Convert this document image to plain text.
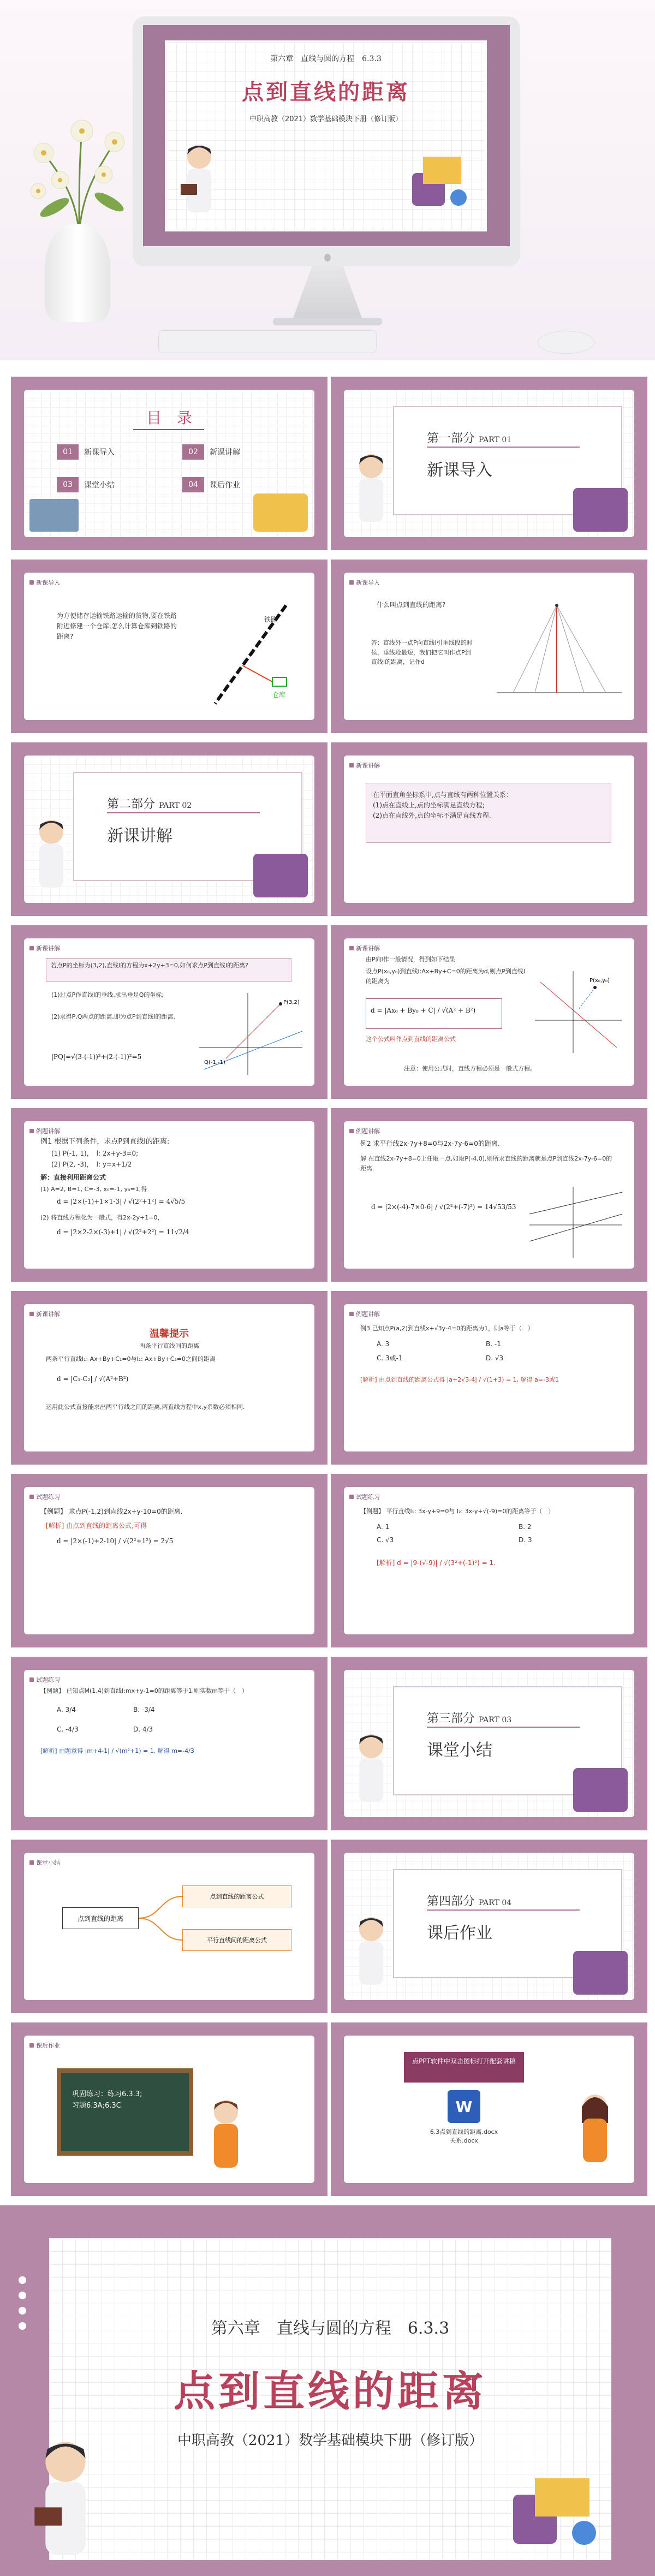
第六章　直线与圆的方程　6.3.3
点到直线的距离
中职高教（2021）数学基础模块下册（修订版）
目　录
01	新课导入	02	新课讲解
03	课堂小结	04	课后作业
第一部分 PART 01
新课导入
新课导入
为方便储存运输铁路运输的货物,要在铁路附近修建一个仓库,怎么计算仓库到铁路的距离?
铁路
仓库
新课导入
什么叫点到直线的距离?
答：直线外一点P向直线l引垂线段的时候，垂线段最短，我们把它叫作点P到直线l的距离，记作d
第二部分 PART 02
新课讲解
新课讲解
在平面直角坐标系中,点与直线有两种位置关系：
(1)点在直线上,点的坐标满足直线方程;
(2)点在直线外,点的坐标不满足直线方程.
新课讲解
若点P的坐标为(3,2),直线l的方程为x+2y+3=0,如何求点P到直线l的距离?
(1)过点P作直线l的垂线,求出垂足Q的坐标;
(2)求得P,Q两点的距离,即为点P到直线l的距离.
|PQ|=√(3-(-1))²+(2-(-1))²=5
P(3,2)
Q(-1,-1)
新课讲解
由P向l作一般情况，得到如下结果
设点P(x₀,y₀)到直线l:Ax+By+C=0的距离为d,则点P到直线l的距离为
d = |Ax₀ + By₀ + C| / √(A² + B²)
这个公式叫作点到直线的距离公式
注意：使用公式时，直线方程必须是一般式方程。
P(x₀,y₀)
例题讲解
例1 根据下列条件，求点P到直线l的距离:
(1) P(-1, 1)，　l: 2x+y-3=0;
(2) P(2, -3)，　l: y=x+1/2
解：直接利用距离公式
(1) A=2, B=1, C=-3, x₀=-1, y₀=1,得
d = |2×(-1)+1×1-3| / √(2²+1²) = 4√5/5
(2) 将直线方程化为一般式，得2x-2y+1=0，
d = |2×2-2×(-3)+1| / √(2²+2²) = 11√2/4
例题讲解
例2 求平行线2x-7y+8=0与2x-7y-6=0的距离.
解 在直线2x-7y+8=0上任取一点,如取P(-4,0),则所求直线的距离就是点P到直线2x-7y-6=0的距离.
d = |2×(-4)-7×0-6| / √(2²+(-7)²) = 14√53/53
新课讲解
温馨提示
两条平行直线间的距离
两条平行直线l₁: Ax+By+C₁=0与l₂: Ax+By+C₂=0之间的距离
d = |C₁-C₂| / √(A²+B²)
运用此公式直接能求出两平行线之间的距离,两直线方程中x,y系数必须相同.
例题讲解
例3 已知点P(a,2)到直线x+√3y-4=0的距离为1，则a等于（　）
A. 3	B. -1
C. 3或-1	D. √3
[解析] 由点到直线的距离公式得 |a+2√3-4| / √(1+3) = 1, 解得 a=-3或1
试题练习
【例题】 求点P(-1,2)到直线2x+y-10=0的距离.
[解析] 由点到直线的距离公式,可得
d = |2×(-1)+2-10| / √(2²+1²) = 2√5
试题练习
【例题】 平行直线l₁: 3x-y+9=0与 l₂: 3x-y+√(-9)=0的距离等于（　）
A. 1	B. 2
C. √3	D. 3
[解析] d = |9-(√-9)| / √(3²+(-1)²) = 1.
试题练习
【例题】 已知点M(1,4)到直线l:mx+y-1=0的距离等于1,则实数m等于（　）
A. 3/4	B. -3/4
C. -4/3	D. 4/3
[解析] 由题意得 |m+4-1| / √(m²+1) = 1, 解得 m=-4/3
第三部分 PART 03
课堂小结
课堂小结
点到直线的距离
点到直线的距离公式
平行直线间的距离公式
第四部分 PART 04
课后作业
课后作业
巩固练习：练习6.3.3;
习题6.3A;6.3C
点PPT软件中双击图标打开配套讲稿
W
6.3点到直线的距离.docx
关系.docx
第六章　直线与圆的方程　6.3.3
点到直线的距离
中职高教（2021）数学基础模块下册（修订版）
